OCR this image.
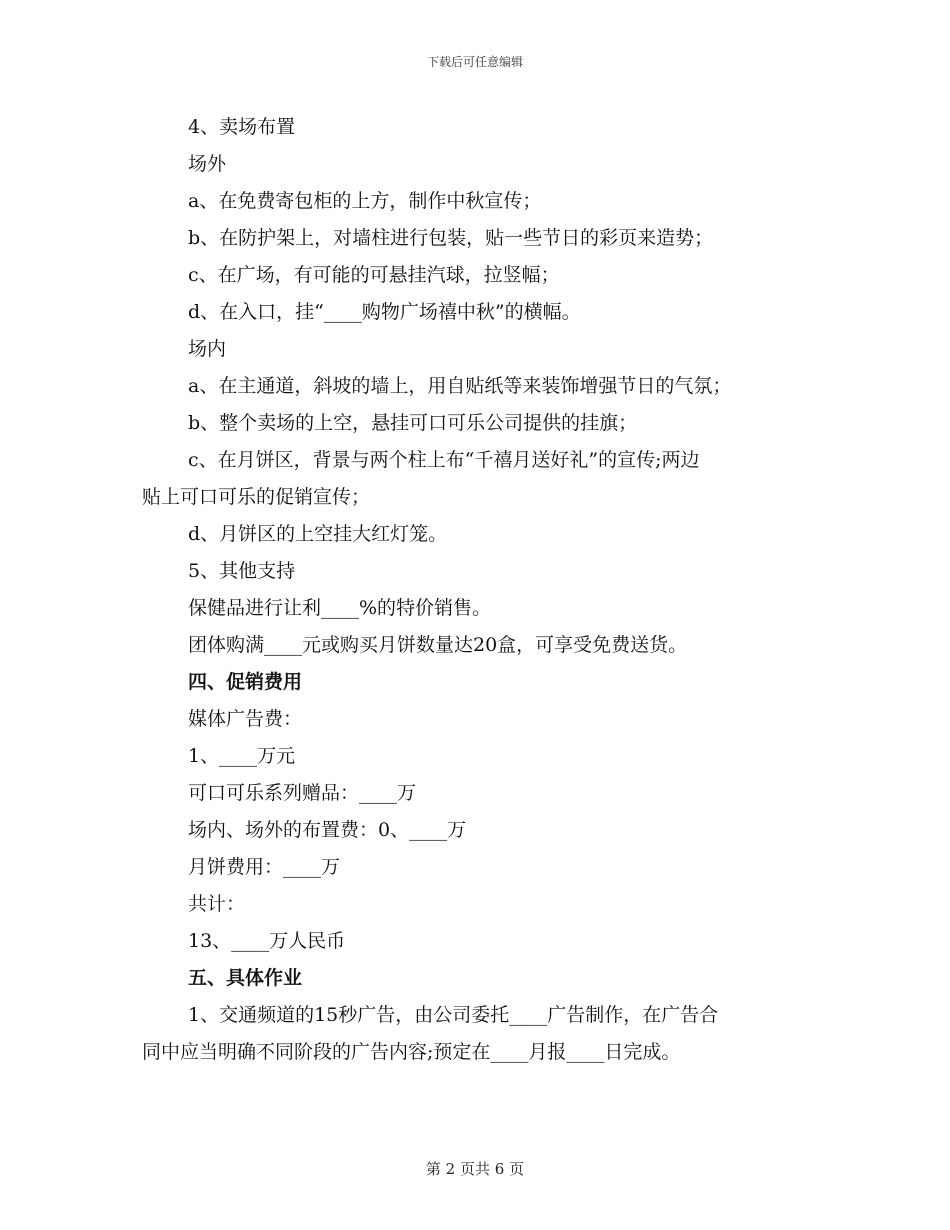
下载后可任意编辑
4、卖场布置
场外
a、在免费寄包柜的上方，制作中秋宣传；
b、在防护架上，对墙柱进行包装，贴一些节日的彩页来造势；
c、在广场，有可能的可悬挂汽球，拉竖幅；
d、在入口，挂“____购物广场禧中秋”的横幅。
场内
a、在主通道，斜坡的墙上，用自贴纸等来装饰增强节日的气氛；
b、整个卖场的上空，悬挂可口可乐公司提供的挂旗；
c、在月饼区，背景与两个柱上布“千禧月送好礼”的宣传;两边
贴上可口可乐的促销宣传；
d、月饼区的上空挂大红灯笼。
5、其他支持
保健品进行让利____%的特价销售。
团体购满____元或购买月饼数量达20盒，可享受免费送货。
四、促销费用
媒体广告费：
1、____万元
可口可乐系列赠品：____万
场内、场外的布置费：0、____万
月饼费用：____万
共计：
13、____万人民币
五、具体作业
1、交通频道的15秒广告，由公司委托____广告制作，在广告合
同中应当明确不同阶段的广告内容;预定在____月报____日完成。
第 2 页共 6 页
